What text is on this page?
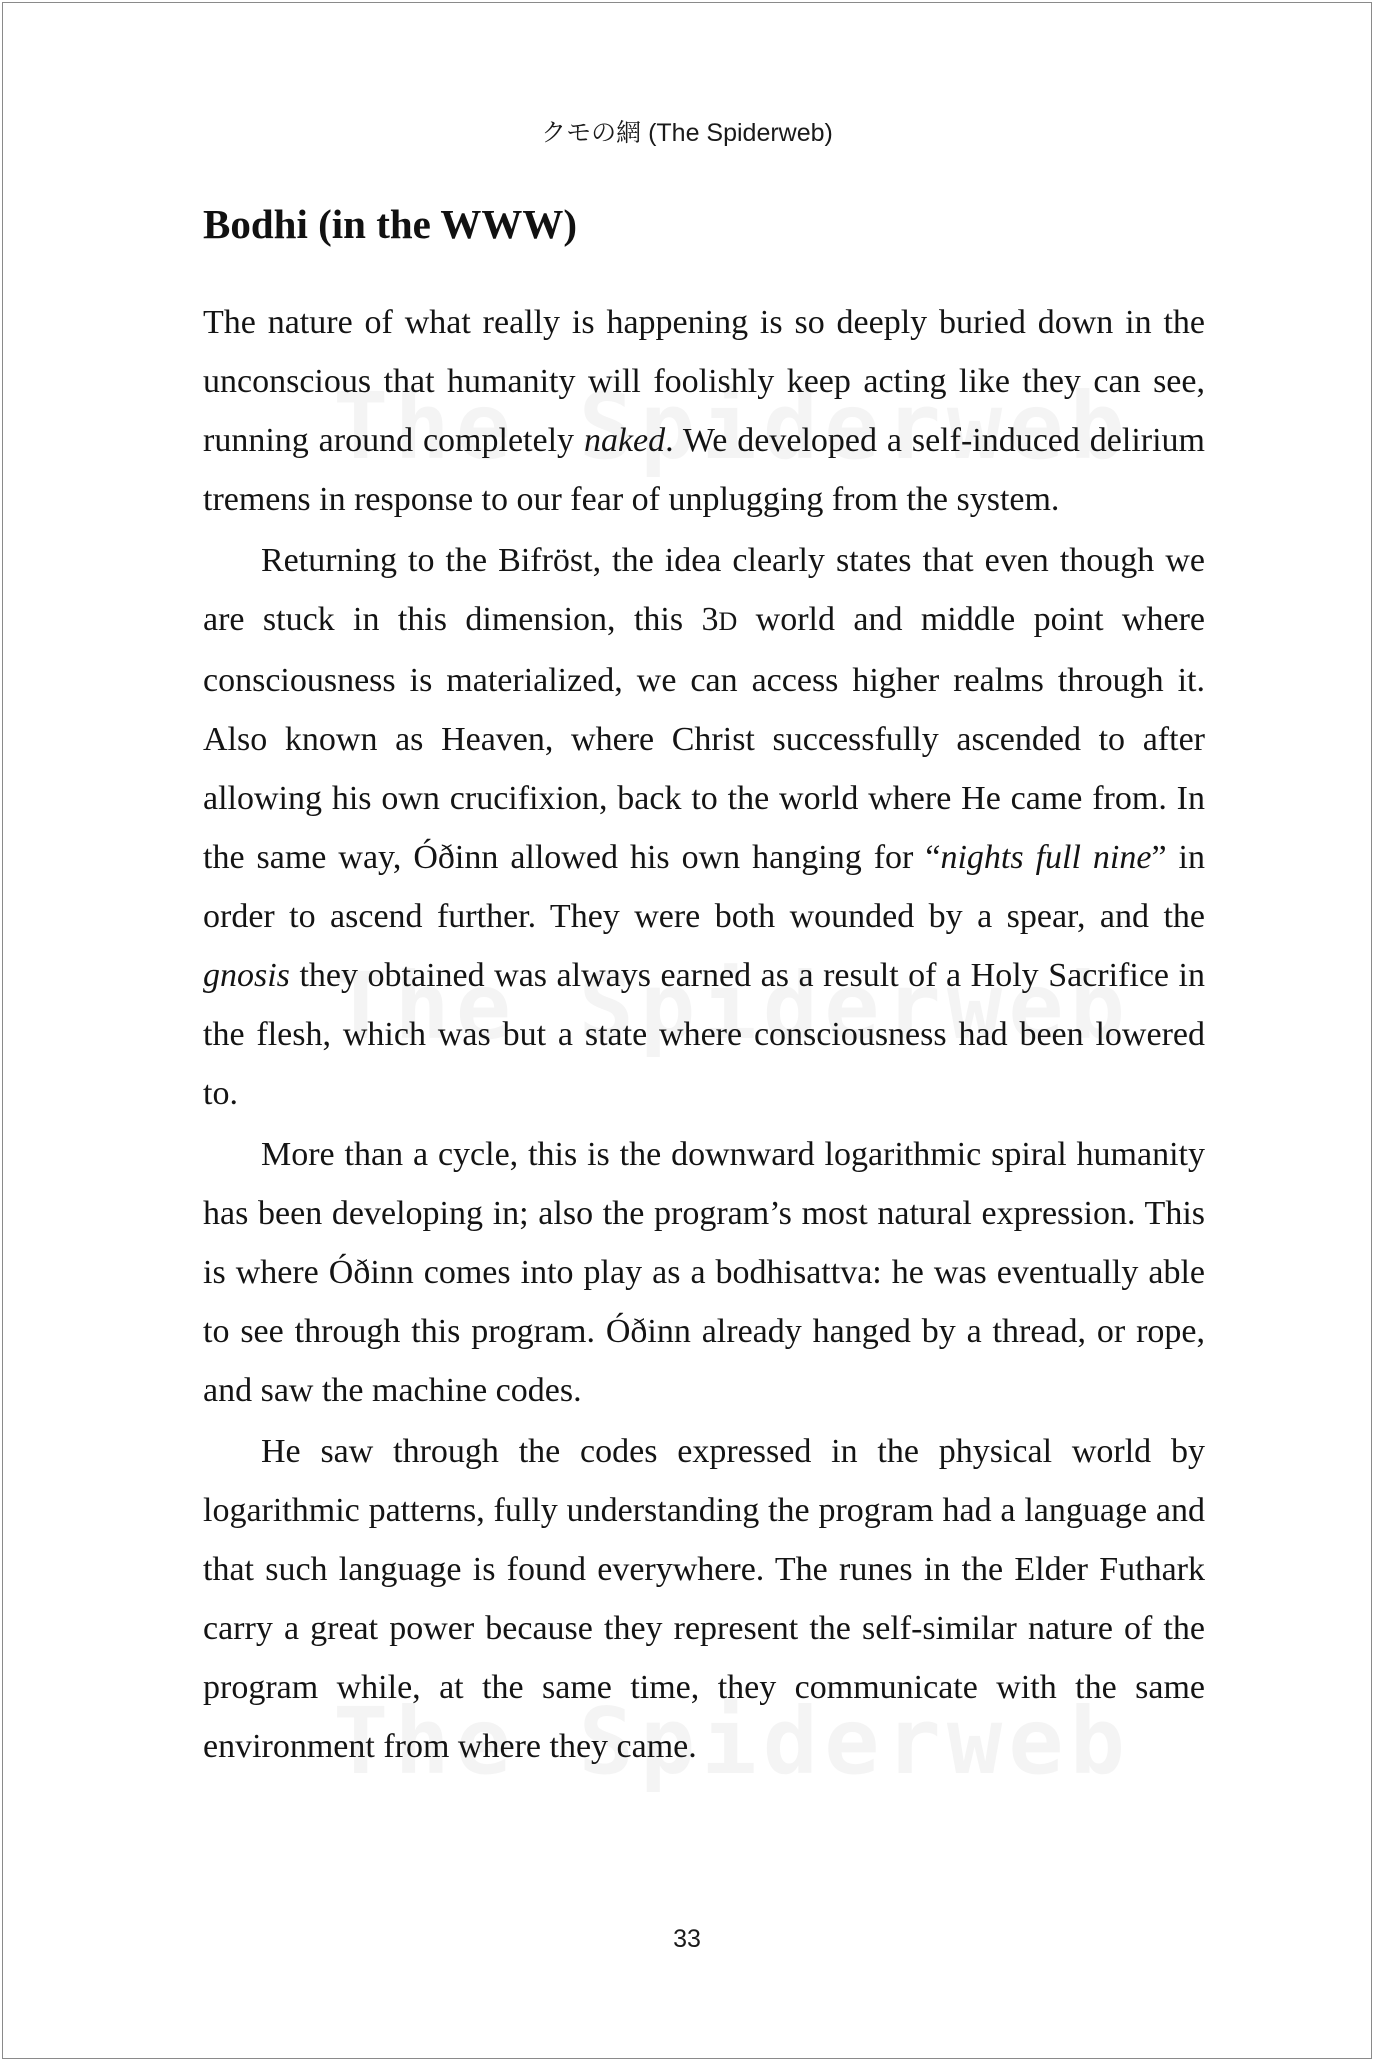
クモの網 (The Spiderweb)
Bodhi (in the WWW)

The nature of what really is happening is so deeply buried down in the unconscious that humanity will foolishly keep acting like they can see, running around completely naked. We developed a self-induced delirium tremens in response to our fear of unplugging from the system.

Returning to the Bifröst, the idea clearly states that even though we are stuck in this dimension, this 3D world and middle point where consciousness is materialized, we can access higher realms through it. Also known as Heaven, where Christ successfully ascended to after allowing his own crucifixion, back to the world where He came from. In the same way, Óðinn allowed his own hanging for “nights full nine” in order to ascend further. They were both wounded by a spear, and the gnosis they obtained was always earned as a result of a Holy Sacrifice in the flesh, which was but a state where consciousness had been lowered to.

More than a cycle, this is the downward logarithmic spiral humanity has been developing in; also the program’s most natural expression. This is where Óðinn comes into play as a bodhisattva: he was eventually able to see through this program. Óðinn already hanged by a thread, or rope, and saw the machine codes.

He saw through the codes expressed in the physical world by logarithmic patterns, fully understanding the program had a language and that such language is found everywhere. The runes in the Elder Futhark carry a great power because they represent the self-similar nature of the program while, at the same time, they communicate with the same environment from where they came.

33
